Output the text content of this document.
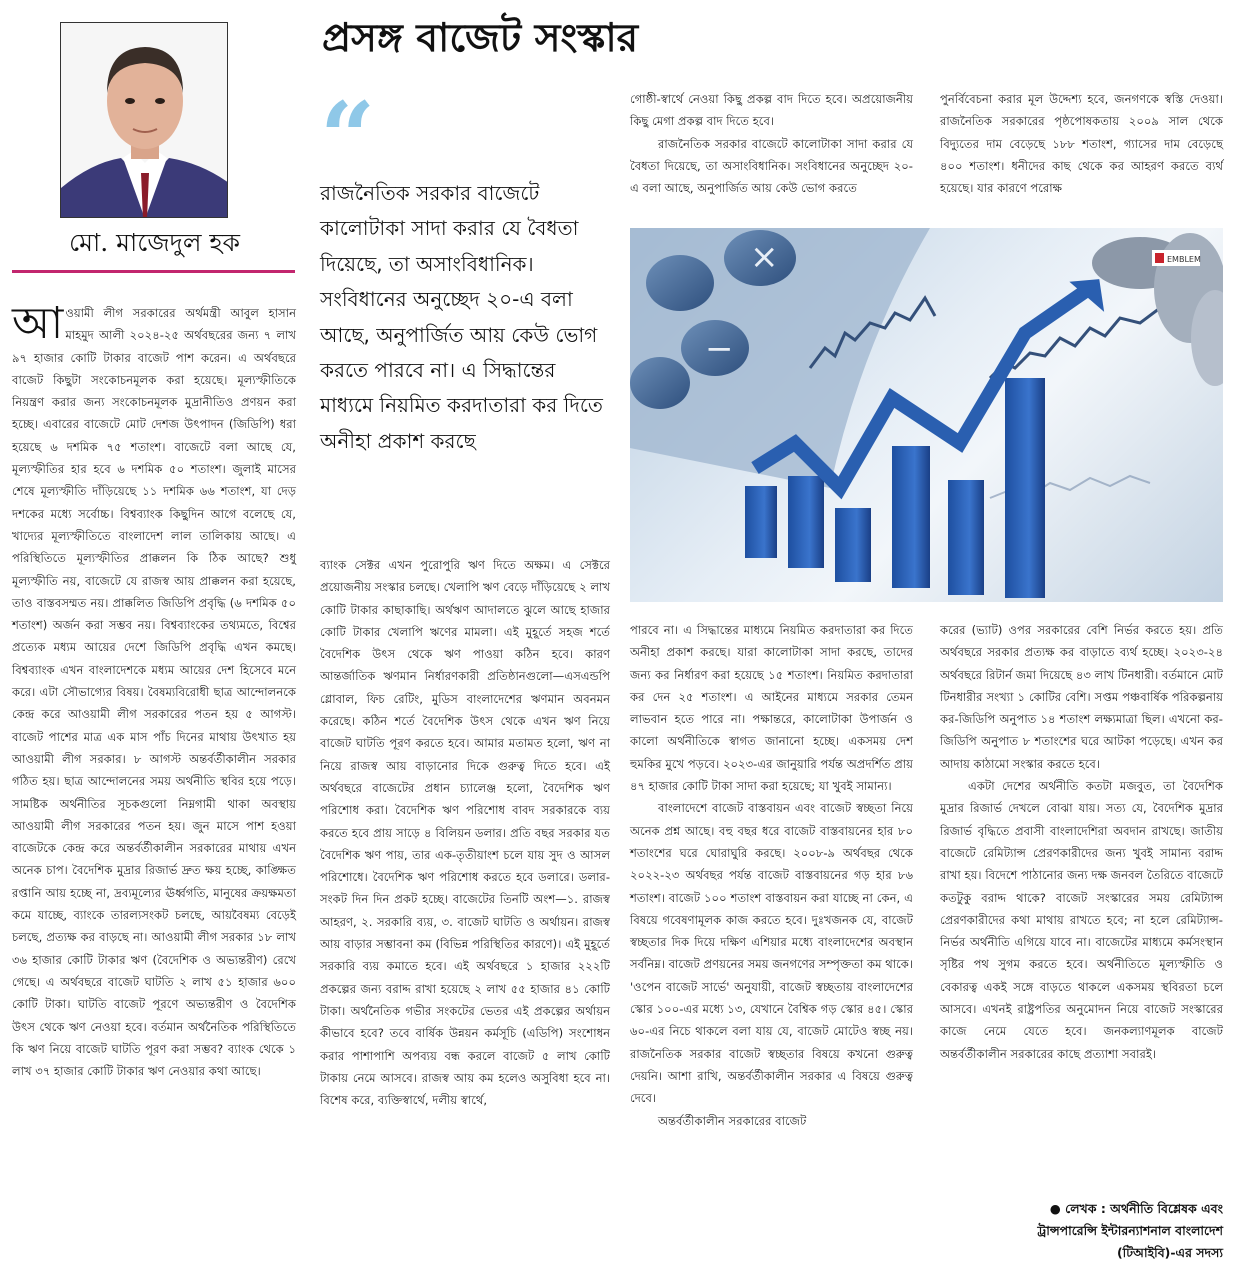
মো. মাজেদুল হক
প্রসঙ্গ বাজেট সংস্কার
“
রাজনৈতিক সরকার বাজেটে কালোটাকা সাদা করার যে বৈধতা দিয়েছে, তা অসাংবিধানিক। সংবিধানের অনুচ্ছেদ ২০-এ বলা আছে, অনুপার্জিত আয় কেউ ভোগ করতে পারবে না। এ সিদ্ধান্তের মাধ্যমে নিয়মিত করদাতারা কর দিতে অনীহা প্রকাশ করছে

আওয়ামী লীগ সরকারের অর্থমন্ত্রী আবুল হাসান মাহমুদ আলী ২০২৪-২৫ অর্থবছরের জন্য ৭ লাখ ৯৭ হাজার কোটি টাকার বাজেট পাশ করেন। এ অর্থবছরে বাজেট কিছুটা সংকোচনমূলক করা হয়েছে। মূল্যস্ফীতিকে নিয়ন্ত্রণ করার জন্য সংকোচনমূলক মুদ্রানীতিও প্রণয়ন করা হচ্ছে। এবারের বাজেটে মোট দেশজ উৎপাদন (জিডিপি) ধরা হয়েছে ৬ দশমিক ৭৫ শতাংশ। বাজেটে বলা আছে যে, মূল্যস্ফীতির হার হবে ৬ দশমিক ৫০ শতাংশ। জুলাই মাসের শেষে মূল্যস্ফীতি দাঁড়িয়েছে ১১ দশমিক ৬৬ শতাংশ, যা দেড় দশকের মধ্যে সর্বোচ্চ। বিশ্বব্যাংক কিছুদিন আগে বলেছে যে, খাদ্যের মূল্যস্ফীতিতে বাংলাদেশ লাল তালিকায় আছে। এ পরিস্থিতিতে মূল্যস্ফীতির প্রাক্কলন কি ঠিক আছে? শুধু মূল্যস্ফীতি নয়, বাজেটে যে রাজস্ব আয় প্রাক্কলন করা হয়েছে, তাও বাস্তবসম্মত নয়। প্রাক্কলিত জিডিপি প্রবৃদ্ধি (৬ দশমিক ৫০ শতাংশ) অর্জন করা সম্ভব নয়। বিশ্বব্যাংকের তথ্যমতে, বিশ্বের প্রত্যেক মধ্যম আয়ের দেশে জিডিপি প্রবৃদ্ধি এখন কমছে। বিশ্বব্যাংক এখন বাংলাদেশকে মধ্যম আয়ের দেশ হিসেবে মনে করে। এটা সৌভাগ্যের বিষয়। বৈষম্যবিরোধী ছাত্র আন্দোলনকে কেন্দ্র করে আওয়ামী লীগ সরকারের পতন হয় ৫ আগস্ট। বাজেট পাশের মাত্র এক মাস পাঁচ দিনের মাথায় উৎখাত হয় আওয়ামী লীগ সরকার। ৮ আগস্ট অন্তর্বর্তীকালীন সরকার গঠিত হয়। ছাত্র আন্দোলনের সময় অর্থনীতি স্থবির হয়ে পড়ে। সামষ্টিক অর্থনীতির সূচকগুলো নিম্নগামী থাকা অবস্থায় আওয়ামী লীগ সরকারের পতন হয়। জুন মাসে পাশ হওয়া বাজেটকে কেন্দ্র করে অন্তর্বর্তীকালীন সরকারের মাথায় এখন অনেক চাপ। বৈদেশিক মুদ্রার রিজার্ভ দ্রুত ক্ষয় হচ্ছে, কাঙ্ক্ষিত রপ্তানি আয় হচ্ছে না, দ্রব্যমূল্যের ঊর্ধ্বগতি, মানুষের ক্রয়ক্ষমতা কমে যাচ্ছে, ব্যাংকে তারল্যসংকট চলছে, আয়বৈষম্য বেড়েই চলছে, প্রত্যক্ষ কর বাড়ছে না। আওয়ামী লীগ সরকার ১৮ লাখ ৩৬ হাজার কোটি টাকার ঋণ (বৈদেশিক ও অভ্যন্তরীণ) রেখে গেছে। এ অর্থবছরে বাজেট ঘাটতি ২ লাখ ৫১ হাজার ৬০০ কোটি টাকা। ঘাটতি বাজেট পূরণে অভ্যন্তরীণ ও বৈদেশিক উৎস থেকে ঋণ নেওয়া হবে। বর্তমান অর্থনৈতিক পরিস্থিতিতে কি ঋণ নিয়ে বাজেট ঘাটতি পূরণ করা সম্ভব? ব্যাংক থেকে ১ লাখ ৩৭ হাজার কোটি টাকার ঋণ নেওয়ার কথা আছে।

ব্যাংক সেক্টর এখন পুরোপুরি ঋণ দিতে অক্ষম। এ সেক্টরে প্রয়োজনীয় সংস্কার চলছে। খেলাপি ঋণ বেড়ে দাঁড়িয়েছে ২ লাখ কোটি টাকার কাছাকাছি। অর্থঋণ আদালতে ঝুলে আছে হাজার কোটি টাকার খেলাপি ঋণের মামলা। এই মুহূর্তে সহজ শর্তে বৈদেশিক উৎস থেকে ঋণ পাওয়া কঠিন হবে। কারণ আন্তর্জাতিক ঋণমান নির্ধারণকারী প্রতিষ্ঠানগুলো—এসএন্ডপি গ্লোবাল, ফিচ রেটিং, মুডিস বাংলাদেশের ঋণমান অবনমন করেছে। কঠিন শর্তে বৈদেশিক উৎস থেকে এখন ঋণ নিয়ে বাজেট ঘাটতি পূরণ করতে হবে। আমার মতামত হলো, ঋণ না নিয়ে রাজস্ব আয় বাড়ানোর দিকে গুরুত্ব দিতে হবে। এই অর্থবছরে বাজেটের প্রধান চ্যালেঞ্জ হলো, বৈদেশিক ঋণ পরিশোধ করা। বৈদেশিক ঋণ পরিশোধ বাবদ সরকারকে ব্যয় করতে হবে প্রায় সাড়ে ৪ বিলিয়ন ডলার। প্রতি বছর সরকার যত বৈদেশিক ঋণ পায়, তার এক-তৃতীয়াংশ চলে যায় সুদ ও আসল পরিশোধে। বৈদেশিক ঋণ পরিশোধ করতে হবে ডলারে। ডলার-সংকট দিন দিন প্রকট হচ্ছে। বাজেটের তিনটি অংশ—১. রাজস্ব আহরণ, ২. সরকারি ব্যয়, ৩. বাজেট ঘাটতি ও অর্থায়ন। রাজস্ব আয় বাড়ার সম্ভাবনা কম (বিভিন্ন পরিস্থিতির কারণে)। এই মুহূর্তে সরকারি ব্যয় কমাতে হবে। এই অর্থবছরে ১ হাজার ২২২টি প্রকল্পের জন্য বরাদ্দ রাখা হয়েছে ২ লাখ ৫৫ হাজার ৪১ কোটি টাকা। অর্থনৈতিক গভীর সংকটের ভেতর এই প্রকল্পের অর্থায়ন কীভাবে হবে? তবে বার্ষিক উন্নয়ন কর্মসূচি (এডিপি) সংশোধন করার পাশাপাশি অপব্যয় বন্ধ করলে বাজেট ৫ লাখ কোটি টাকায় নেমে আসবে। রাজস্ব আয় কম হলেও অসুবিধা হবে না। বিশেষ করে, ব্যক্তিস্বার্থে, দলীয় স্বার্থে,

গোষ্ঠী-স্বার্থে নেওয়া কিছু প্রকল্প বাদ দিতে হবে। অপ্রয়োজনীয় কিছু মেগা প্রকল্প বাদ দিতে হবে।

রাজনৈতিক সরকার বাজেটে কালোটাকা সাদা করার যে বৈধতা দিয়েছে, তা অসাংবিধানিক। সংবিধানের অনুচ্ছেদ ২০-এ বলা আছে, অনুপার্জিত আয় কেউ ভোগ করতে

পুনর্বিবেচনা করার মূল উদ্দেশ্য হবে, জনগণকে স্বস্তি দেওয়া। রাজনৈতিক সরকারের পৃষ্ঠপোষকতায় ২০০৯ সাল থেকে বিদ্যুতের দাম বেড়েছে ১৮৮ শতাংশ, গ্যাসের দাম বেড়েছে ৪০০ শতাংশ। ধনীদের কাছ থেকে কর আহরণ করতে ব্যর্থ হয়েছে। যার কারণে পরোক্ষ

×
−
EMBLEM

পারবে না। এ সিদ্ধান্তের মাধ্যমে নিয়মিত করদাতারা কর দিতে অনীহা প্রকাশ করছে। যারা কালোটাকা সাদা করছে, তাদের জন্য কর নির্ধারণ করা হয়েছে ১৫ শতাংশ। নিয়মিত করদাতারা কর দেন ২৫ শতাংশ। এ আইনের মাধ্যমে সরকার তেমন লাভবান হতে পারে না। পক্ষান্তরে, কালোটাকা উপার্জন ও কালো অর্থনীতিকে স্বাগত জানানো হচ্ছে। একসময় দেশ হুমকির মুখে পড়বে। ২০২৩-এর জানুয়ারি পর্যন্ত অপ্রদর্শিত প্রায় ৪৭ হাজার কোটি টাকা সাদা করা হয়েছে; যা খুবই সামান্য।

বাংলাদেশে বাজেট বাস্তবায়ন এবং বাজেট স্বচ্ছতা নিয়ে অনেক প্রশ্ন আছে। বহু বছর ধরে বাজেট বাস্তবায়নের হার ৮০ শতাংশের ঘরে ঘোরাঘুরি করছে। ২০০৮-৯ অর্থবছর থেকে ২০২২-২৩ অর্থবছর পর্যন্ত বাজেট বাস্তবায়নের গড় হার ৮৬ শতাংশ। বাজেট ১০০ শতাংশ বাস্তবায়ন করা যাচ্ছে না কেন, এ বিষয়ে গবেষণামূলক কাজ করতে হবে। দুঃখজনক যে, বাজেট স্বচ্ছতার দিক দিয়ে দক্ষিণ এশিয়ার মধ্যে বাংলাদেশের অবস্থান সর্বনিম্ন। বাজেট প্রণয়নের সময় জনগণের সম্পৃক্ততা কম থাকে। 'ওপেন বাজেট সার্ভে' অনুযায়ী, বাজেট স্বচ্ছতায় বাংলাদেশের স্কোর ১০০-এর মধ্যে ১৩, যেখানে বৈশ্বিক গড় স্কোর ৪৫। স্কোর ৬০-এর নিচে থাকলে বলা যায় যে, বাজেট মোটেও স্বচ্ছ নয়। রাজনৈতিক সরকার বাজেট স্বচ্ছতার বিষয়ে কখনো গুরুত্ব দেয়নি। আশা রাখি, অন্তর্বর্তীকালীন সরকার এ বিষয়ে গুরুত্ব দেবে।

অন্তর্বর্তীকালীন সরকারের বাজেট

করের (ভ্যাট) ওপর সরকারের বেশি নির্ভর করতে হয়। প্রতি অর্থবছরে সরকার প্রত্যক্ষ কর বাড়াতে ব্যর্থ হচ্ছে। ২০২৩-২৪ অর্থবছরে রিটার্ন জমা দিয়েছে ৪৩ লাখ টিনধারী। বর্তমানে মোট টিনধারীর সংখ্যা ১ কোটির বেশি। সপ্তম পঞ্চবার্ষিক পরিকল্পনায় কর-জিডিপি অনুপাত ১৪ শতাংশ লক্ষ্যমাত্রা ছিল। এখনো কর-জিডিপি অনুপাত ৮ শতাংশের ঘরে আটকা পড়েছে। এখন কর আদায় কাঠামো সংস্কার করতে হবে।

একটা দেশের অর্থনীতি কতটা মজবুত, তা বৈদেশিক মুদ্রার রিজার্ভ দেখলে বোঝা যায়। সত্য যে, বৈদেশিক মুদ্রার রিজার্ভ বৃদ্ধিতে প্রবাসী বাংলাদেশিরা অবদান রাখছে। জাতীয় বাজেটে রেমিট্যান্স প্রেরণকারীদের জন্য খুবই সামান্য বরাদ্দ রাখা হয়। বিদেশে পাঠানোর জন্য দক্ষ জনবল তৈরিতে বাজেটে কতটুকু বরাদ্দ থাকে? বাজেট সংস্কারের সময় রেমিট্যান্স প্রেরণকারীদের কথা মাথায় রাখতে হবে; না হলে রেমিট্যান্স-নির্ভর অর্থনীতি এগিয়ে যাবে না। বাজেটের মাধ্যমে কর্মসংস্থান সৃষ্টির পথ সুগম করতে হবে। অর্থনীতিতে মূল্যস্ফীতি ও বেকারত্ব একই সঙ্গে বাড়তে থাকলে একসময় স্থবিরতা চলে আসবে। এখনই রাষ্ট্রপতির অনুমোদন নিয়ে বাজেট সংস্কারের কাজে নেমে যেতে হবে। জনকল্যাণমূলক বাজেট অন্তর্বর্তীকালীন সরকারের কাছে প্রত্যাশা সবারই।

● লেখক : অর্থনীতি বিশ্লেষক এবং
ট্রান্সপারেন্সি ইন্টারন্যাশনাল বাংলাদেশ
(টিআইবি)-এর সদস্য
